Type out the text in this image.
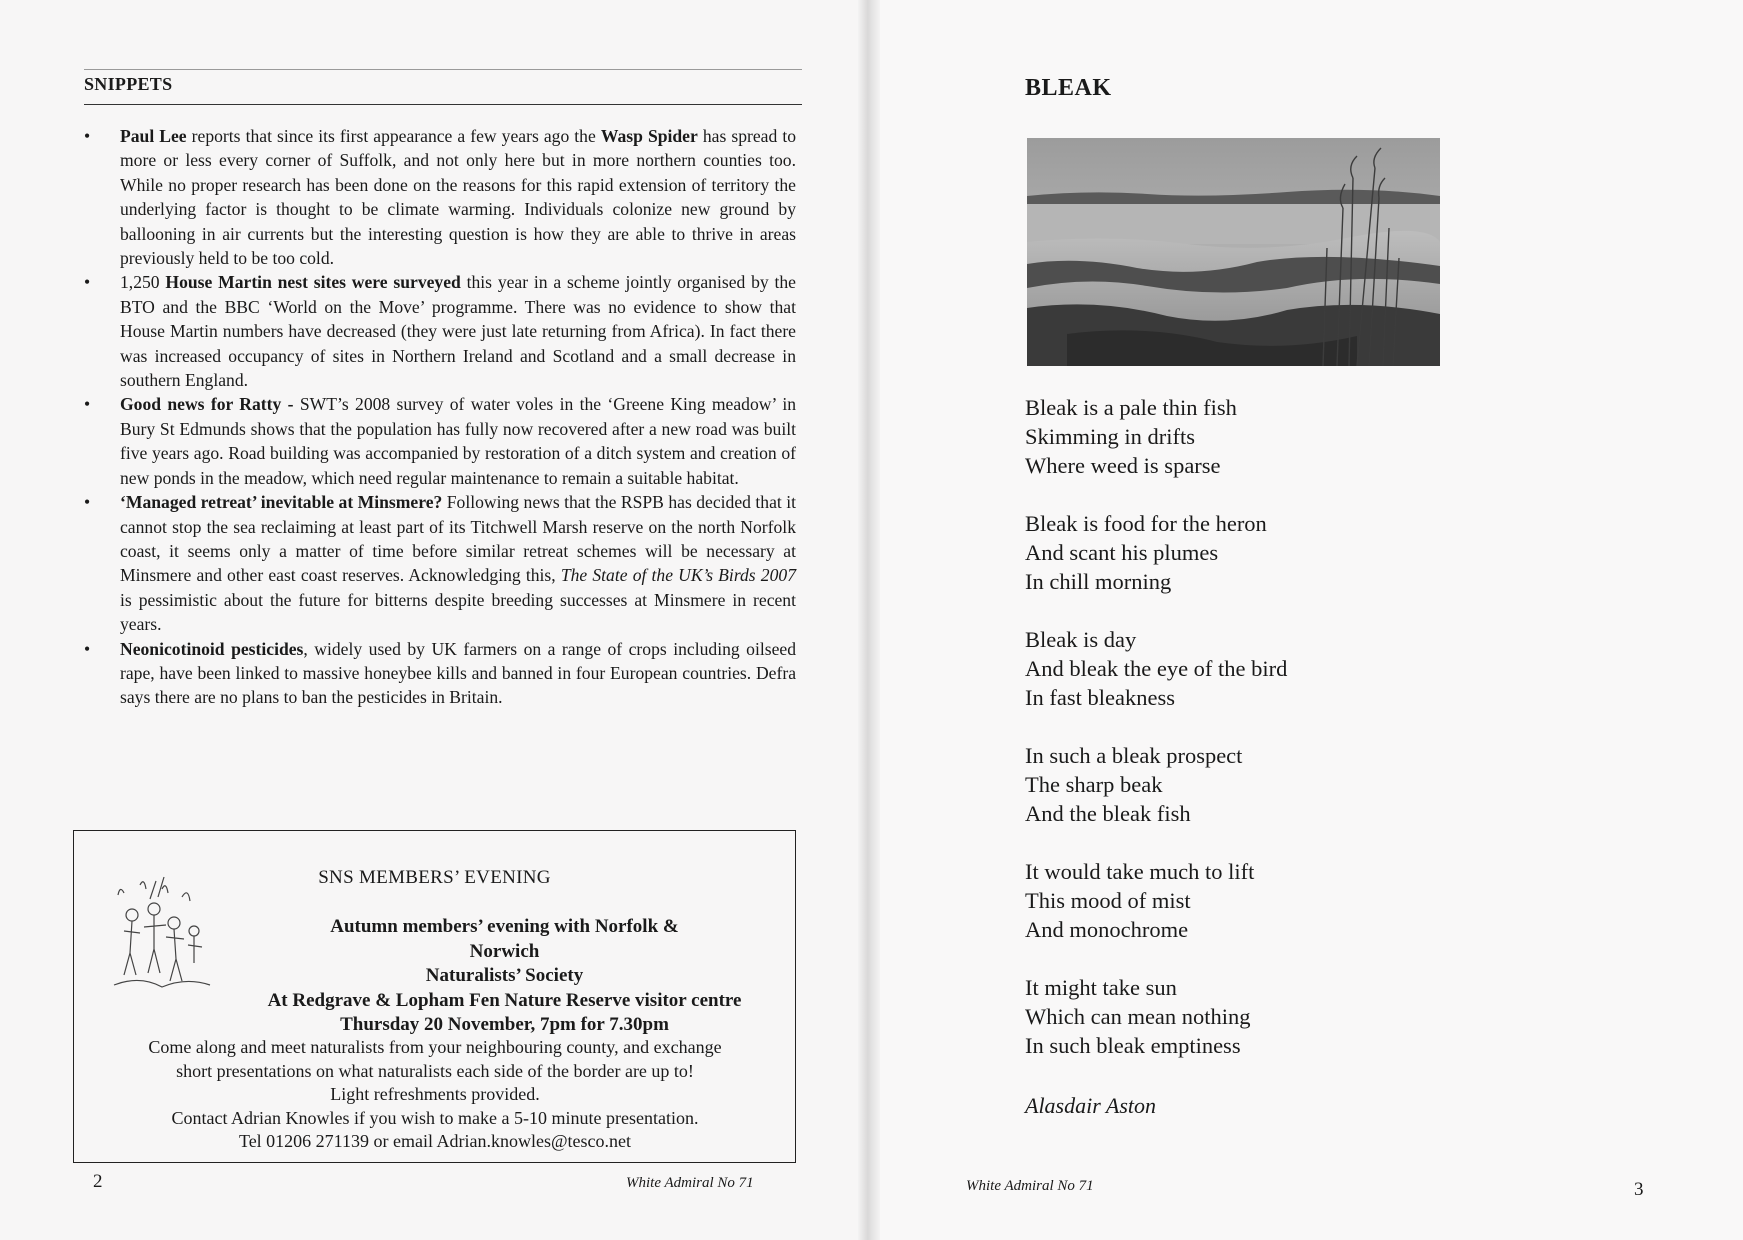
SNIPPETS
• Paul Lee reports that since its first appearance a few years ago the Wasp Spider has spread to more or less every corner of Suffolk, and not only here but in more northern counties too. While no proper research has been done on the reasons for this rapid extension of territory the underlying factor is thought to be climate warming. Individuals colonize new ground by ballooning in air currents but the interesting question is how they are able to thrive in areas previously held to be too cold.
• 1,250 House Martin nest sites were surveyed this year in a scheme jointly organised by the BTO and the BBC ‘World on the Move’ programme. There was no evidence to show that House Martin numbers have decreased (they were just late returning from Africa). In fact there was increased occupancy of sites in Northern Ireland and Scotland and a small decrease in southern England.
• Good news for Ratty - SWT’s 2008 survey of water voles in the ‘Greene King meadow’ in Bury St Edmunds shows that the population has fully now recovered after a new road was built five years ago. Road building was accompanied by restoration of a ditch system and creation of new ponds in the meadow, which need regular maintenance to remain a suitable habitat.
• ‘Managed retreat’ inevitable at Minsmere? Following news that the RSPB has decided that it cannot stop the sea reclaiming at least part of its Titchwell Marsh reserve on the north Norfolk coast, it seems only a matter of time before similar retreat schemes will be necessary at Minsmere and other east coast reserves. Acknowledging this, The State of the UK’s Birds 2007 is pessimistic about the future for bitterns despite breeding successes at Minsmere in recent years.
• Neonicotinoid pesticides, widely used by UK farmers on a range of crops including oilseed rape, have been linked to massive honeybee kills and banned in four European countries. Defra says there are no plans to ban the pesticides in Britain.
SNS MEMBERS’ EVENING
Autumn members’ evening with Norfolk & Norwich
Naturalists’ Society
At Redgrave & Lopham Fen Nature Reserve visitor centre
Thursday 20 November, 7pm for 7.30pm
Come along and meet naturalists from your neighbouring county, and exchange
short presentations on what naturalists each side of the border are up to!
Light refreshments provided.
Contact Adrian Knowles if you wish to make a 5-10 minute presentation.
Tel 01206 271139 or email Adrian.knowles@tesco.net
2	White Admiral No 71
BLEAK
Bleak is a pale thin fish
Skimming in drifts
Where weed is sparse
Bleak is food for the heron
And scant his plumes
In chill morning
Bleak is day
And bleak the eye of the bird
In fast bleakness
In such a bleak prospect
The sharp beak
And the bleak fish
It would take much to lift
This mood of mist
And monochrome
It might take sun
Which can mean nothing
In such bleak emptiness
Alasdair Aston
White Admiral No 71	3
